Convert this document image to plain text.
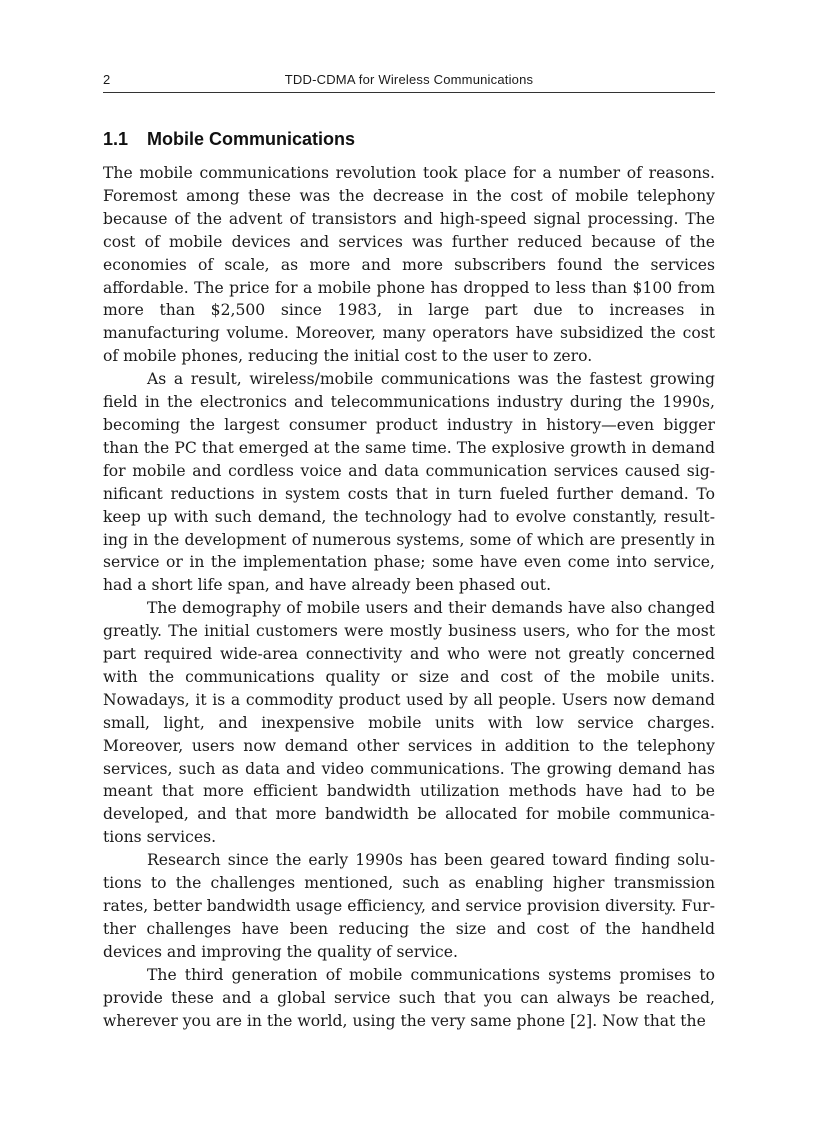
2	TDD-CDMA for Wireless Communications
1.1 Mobile Communications

The mobile communications revolution took place for a number of reasons. Foremost among these was the decrease in the cost of mobile telephony because of the advent of transistors and high-speed signal processing. The cost of mobile devices and services was further reduced because of the economies of scale, as more and more subscribers found the services affordable. The price for a mobile phone has dropped to less than $100 from more than $2,500 since 1983, in large part due to increases in manufacturing volume. Moreover, many operators have subsidized the cost of mobile phones, reducing the initial cost to the user to zero.

As a result, wireless/mobile communications was the fastest growing field in the electronics and telecommunications industry during the 1990s, becoming the largest consumer product industry in history—even bigger than the PC that emerged at the same time. The explosive growth in demand for mobile and cordless voice and data communication services caused significant reductions in system costs that in turn fueled further demand. To keep up with such demand, the technology had to evolve constantly, resulting in the development of numerous systems, some of which are presently in service or in the implementation phase; some have even come into service, had a short life span, and have already been phased out.

The demography of mobile users and their demands have also changed greatly. The initial customers were mostly business users, who for the most part required wide-area connectivity and who were not greatly concerned with the communications quality or size and cost of the mobile units. Nowadays, it is a commodity product used by all people. Users now demand small, light, and inexpensive mobile units with low service charges. Moreover, users now demand other services in addition to the telephony services, such as data and video communications. The growing demand has meant that more efficient bandwidth utilization methods have had to be developed, and that more bandwidth be allocated for mobile communications services.

Research since the early 1990s has been geared toward finding solutions to the challenges mentioned, such as enabling higher transmission rates, better bandwidth usage efficiency, and service provision diversity. Further challenges have been reducing the size and cost of the handheld devices and improving the quality of service.

The third generation of mobile communications systems promises to provide these and a global service such that you can always be reached, wherever you are in the world, using the very same phone [2]. Now that the
